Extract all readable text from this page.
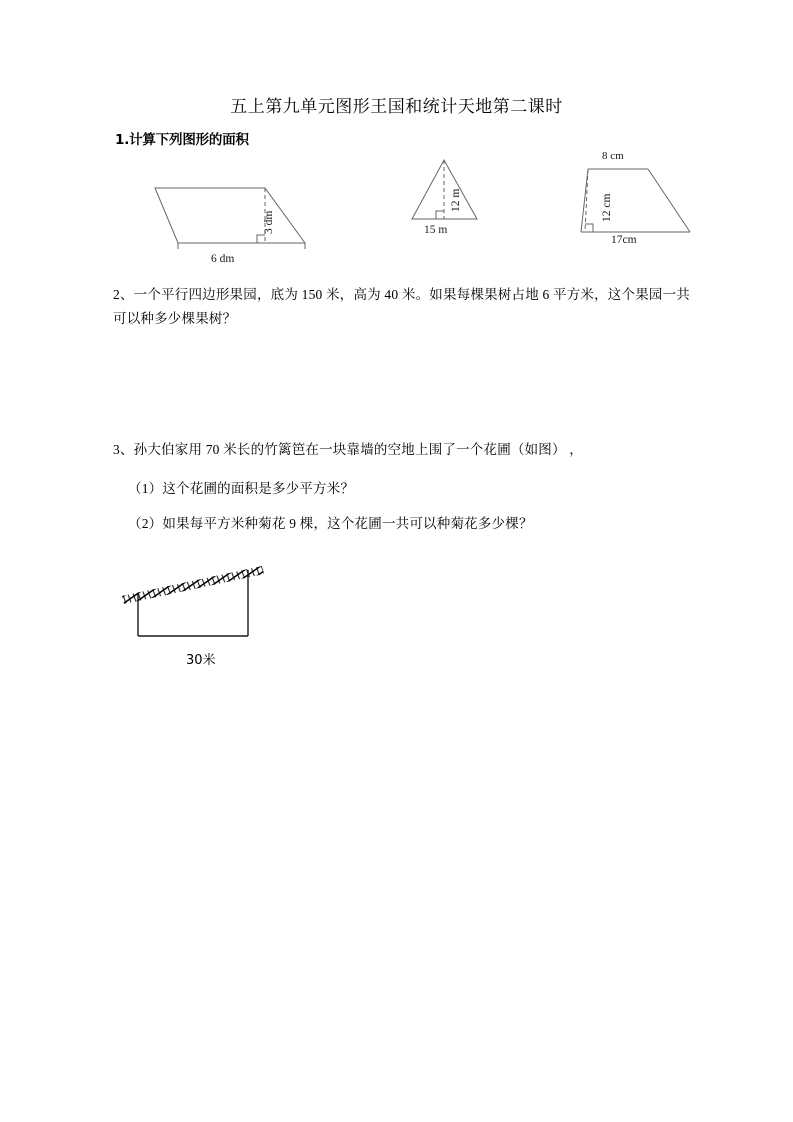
五上第九单元图形王国和统计天地第二课时
1.计算下列图形的面积
3 dm
6 dm
12 m
15 m
8 cm
12 cm
17cm
2、一个平行四边形果园，底为 150 米，高为 40 米。如果每棵果树占地 6 平方米，这个果园一共可以种多少棵果树？
3、孙大伯家用 70 米长的竹篱笆在一块靠墙的空地上围了一个花圃（如图） ，
（1）这个花圃的面积是多少平方米？
（2）如果每平方米种菊花 9 棵，这个花圃一共可以种菊花多少棵？
30米
